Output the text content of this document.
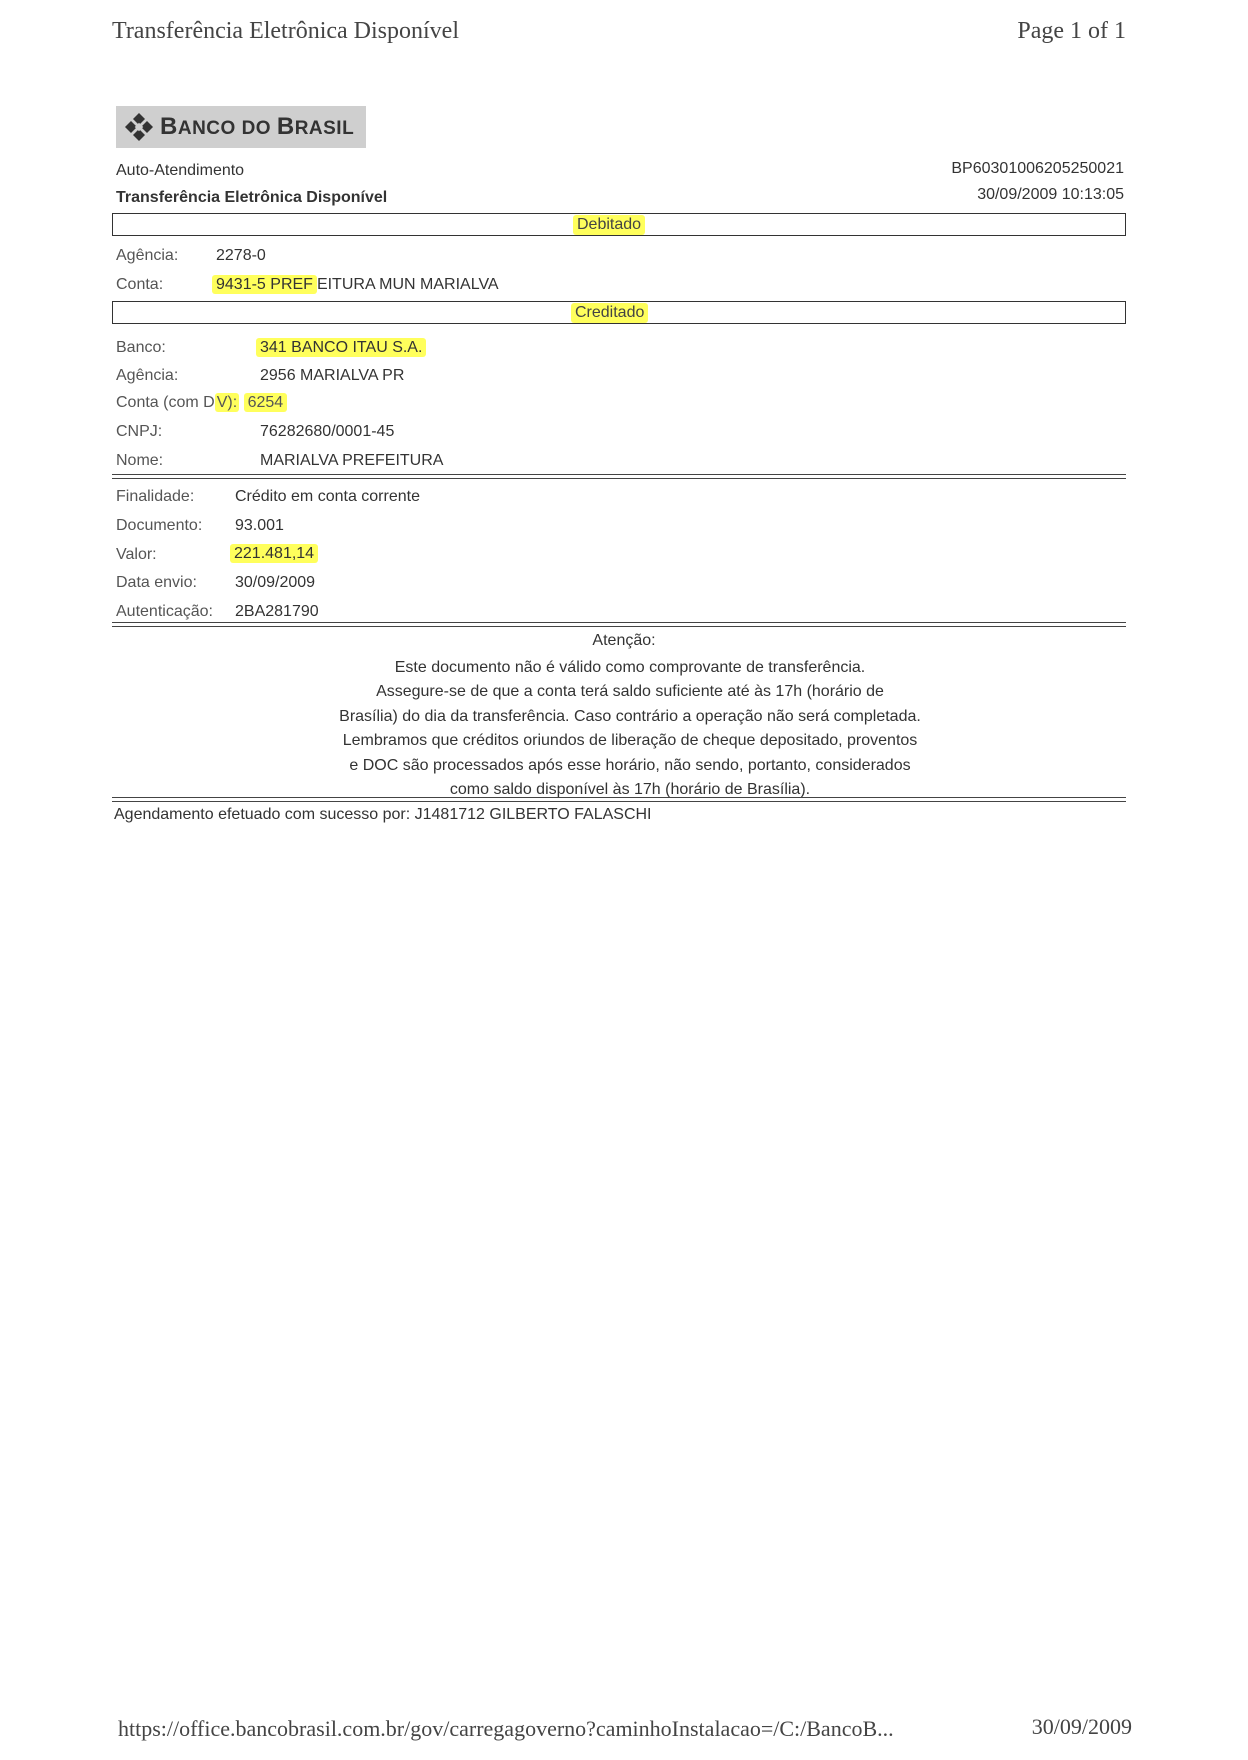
Transferência Eletrônica Disponível	Page 1 of 1
BANCO DO BRASIL
Auto-Atendimento	BP60301006205250021
Transferência Eletrônica Disponível	30/09/2009 10:13:05
Debitado
Agência: 2278-0
Conta:	9431-5 PREF EITURA MUN MARIALVA
Creditado
Banco:	341 BANCO ITAU S.A.
Agência:	2956 MARIALVA PR
Conta (com D V): 6254
CNPJ:	76282680/0001-45
Nome:	MARIALVA PREFEITURA
Finalidade:	Crédito em conta corrente
Documento: 93.001
Valor:	221.481,14
Data envio: 30/09/2009
Autenticação: 2BA281790
Atenção:
Este documento não é válido como comprovante de transferência.
Assegure-se de que a conta terá saldo suficiente até às 17h (horário de
Brasília) do dia da transferência. Caso contrário a operação não será completada.
Lembramos que créditos oriundos de liberação de cheque depositado, proventos
e DOC são processados após esse horário, não sendo, portanto, considerados
como saldo disponível às 17h (horário de Brasília).
Agendamento efetuado com sucesso por: J1481712 GILBERTO FALASCHI
https://office.bancobrasil.com.br/gov/carregagoverno?caminhoInstalacao=/C:/BancoB...	30/09/2009
